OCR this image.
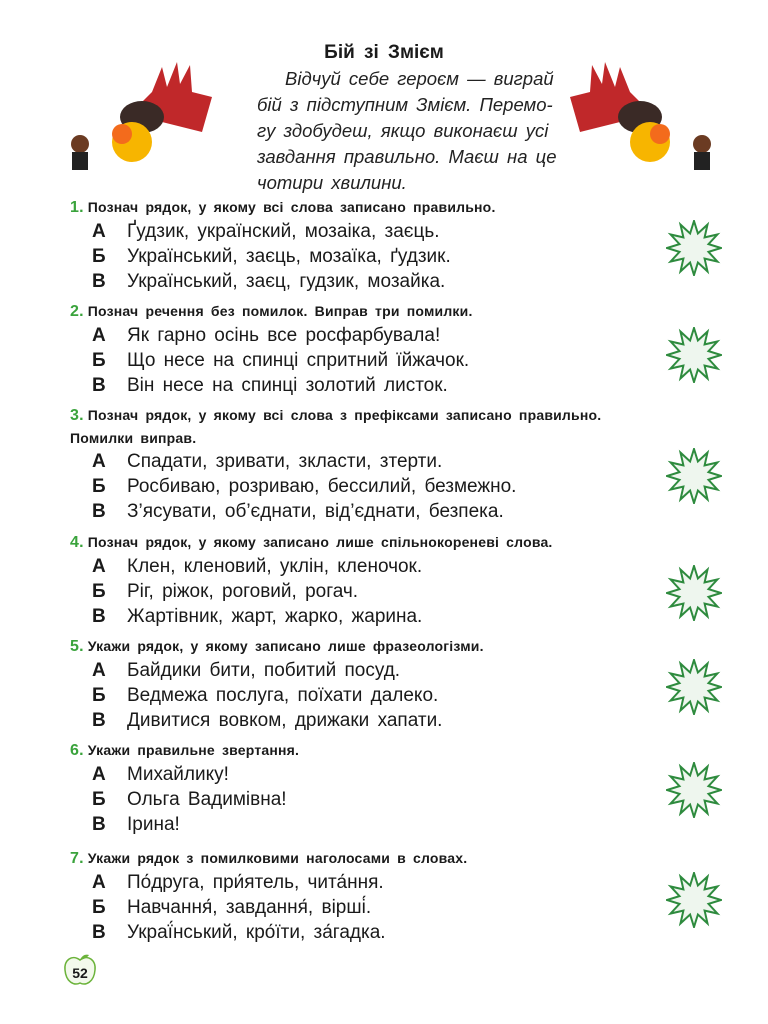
Бій зі Змієм
Відчуй себе героєм — виграй
бій з підступним Змієм. Перемо-
гу здобудеш, якщо виконаєш усі
завдання правильно. Маєш на це
чотири хвилини.
1. Познач рядок, у якому всі слова записано правильно.
А Ґудзик, українский, мозаіка, заєць.
Б Український, заєць, мозаїка, ґудзик.
В Український, заєц, гудзик, мозайка.
2. Познач речення без помилок. Виправ три помилки.
А Як гарно осінь все росфарбувала!
Б Що несе на спинці спритний їйжачок.
В Він несе на спинці золотий листок.
3. Познач рядок, у якому всі слова з префіксами записано правильно. Помилки виправ.
А Спадати, зривати, зкласти, зтерти.
Б Росбиваю, розриваю, бессилий, безмежно.
В З’ясувати, об’єднати, від’єднати, безпека.
4. Познач рядок, у якому записано лише спільнокореневі слова.
А Клен, кленовий, уклін, кленочок.
Б Ріг, ріжок, роговий, рогач.
В Жартівник, жарт, жарко, жарина.
5. Укажи рядок, у якому записано лише фразеологізми.
А Байдики бити, побитий посуд.
Б Ведмежа послуга, поїхати далеко.
В Дивитися вовком, дрижаки хапати.
6. Укажи правильне звертання.
А Михайлику!
Б Ольга Вадимівна!
В Ірина!
7. Укажи рядок з помилковими наголосами в словах.
А По́друга, при́ятель, чита́ння.
Б Навчання́, завдання́, вірші́.
В Украї́нський, кро́їти, за́гадка.
52
